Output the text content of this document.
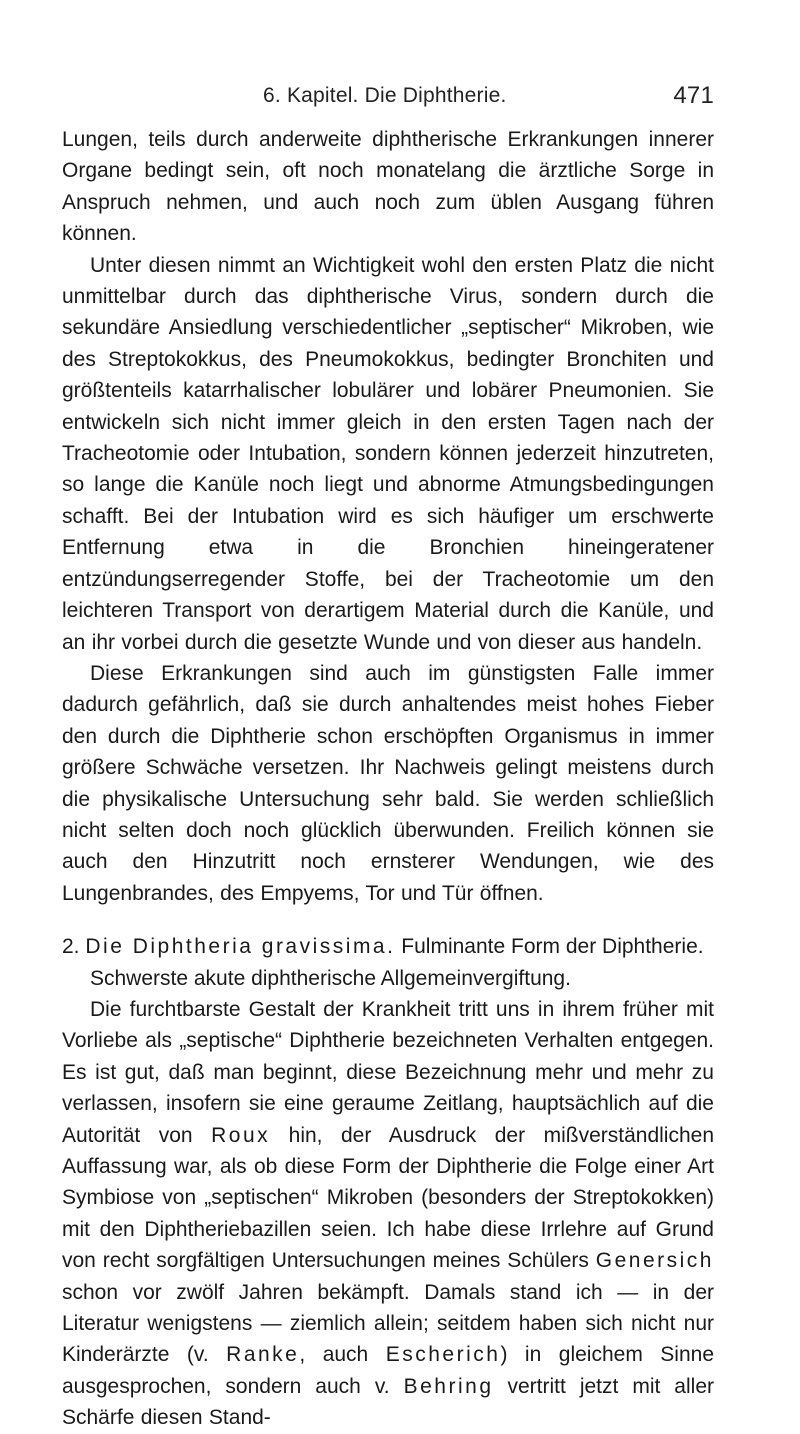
6. Kapitel. Die Diphtherie.	471

Lungen, teils durch anderweite diphtherische Erkrankungen innerer Organe bedingt sein, oft noch monatelang die ärztliche Sorge in Anspruch nehmen, und auch noch zum üblen Ausgang führen können.

Unter diesen nimmt an Wichtigkeit wohl den ersten Platz die nicht unmittelbar durch das diphtherische Virus, sondern durch die sekundäre Ansiedlung verschiedentlicher „septischer“ Mikroben, wie des Streptokokkus, des Pneumokokkus, bedingter Bronchiten und größtenteils katarrhalischer lobulärer und lobärer Pneumonien. Sie entwickeln sich nicht immer gleich in den ersten Tagen nach der Tracheotomie oder Intubation, sondern können jederzeit hinzutreten, so lange die Kanüle noch liegt und abnorme Atmungsbedingungen schafft. Bei der Intubation wird es sich häufiger um erschwerte Entfernung etwa in die Bronchien hineingeratener entzündungserregender Stoffe, bei der Tracheotomie um den leichteren Transport von derartigem Material durch die Kanüle, und an ihr vorbei durch die gesetzte Wunde und von dieser aus handeln.

Diese Erkrankungen sind auch im günstigsten Falle immer dadurch gefährlich, daß sie durch anhaltendes meist hohes Fieber den durch die Diphtherie schon erschöpften Organismus in immer größere Schwäche versetzen. Ihr Nachweis gelingt meistens durch die physikalische Untersuchung sehr bald. Sie werden schließlich nicht selten doch noch glücklich überwunden. Freilich können sie auch den Hinzutritt noch ernsterer Wendungen, wie des Lungenbrandes, des Empyems, Tor und Tür öffnen.

2. Die Diphtheria gravissima. Fulminante Form der Diphtherie.
Schwerste akute diphtherische Allgemeinvergiftung.

Die furchtbarste Gestalt der Krankheit tritt uns in ihrem früher mit Vorliebe als „septische“ Diphtherie bezeichneten Verhalten entgegen. Es ist gut, daß man beginnt, diese Bezeichnung mehr und mehr zu verlassen, insofern sie eine geraume Zeitlang, hauptsächlich auf die Autorität von Roux hin, der Ausdruck der mißverständlichen Auffassung war, als ob diese Form der Diphtherie die Folge einer Art Symbiose von „septischen“ Mikroben (besonders der Streptokokken) mit den Diphtheriebazillen seien. Ich habe diese Irrlehre auf Grund von recht sorgfältigen Untersuchungen meines Schülers Genersich schon vor zwölf Jahren bekämpft. Damals stand ich — in der Literatur wenigstens — ziemlich allein; seitdem haben sich nicht nur Kinderärzte (v. Ranke, auch Escherich) in gleichem Sinne ausgesprochen, sondern auch v. Behring vertritt jetzt mit aller Schärfe diesen Stand-
